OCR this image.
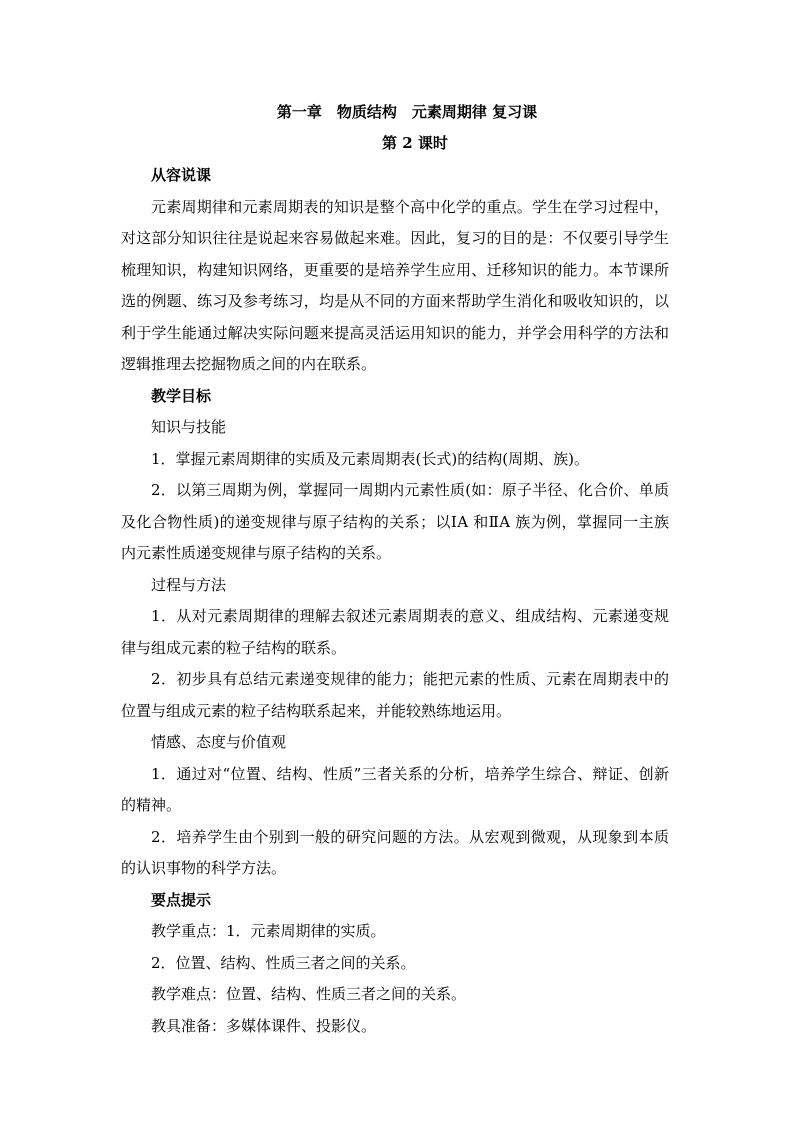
第一章　物质结构　元素周期律 复习课
第 2 课时
从容说课

元素周期律和元素周期表的知识是整个高中化学的重点。学生在学习过程中，对这部分知识往往是说起来容易做起来难。因此，复习的目的是：不仅要引导学生梳理知识，构建知识网络，更重要的是培养学生应用、迁移知识的能力。本节课所选的例题、练习及参考练习，均是从不同的方面来帮助学生消化和吸收知识的，以利于学生能通过解决实际问题来提高灵活运用知识的能力，并学会用科学的方法和逻辑推理去挖掘物质之间的内在联系。

教学目标
知识与技能

1．掌握元素周期律的实质及元素周期表(长式)的结构(周期、族)。

2．以第三周期为例，掌握同一周期内元素性质(如：原子半径、化合价、单质及化合物性质)的递变规律与原子结构的关系；以ⅠA 和ⅡA 族为例，掌握同一主族内元素性质递变规律与原子结构的关系。

过程与方法

1．从对元素周期律的理解去叙述元素周期表的意义、组成结构、元素递变规律与组成元素的粒子结构的联系。

2．初步具有总结元素递变规律的能力；能把元素的性质、元素在周期表中的位置与组成元素的粒子结构联系起来，并能较熟练地运用。

情感、态度与价值观

1．通过对“位置、结构、性质”三者关系的分析，培养学生综合、辩证、创新的精神。

2．培养学生由个别到一般的研究问题的方法。从宏观到微观，从现象到本质的认识事物的科学方法。

要点提示

教学重点：1．元素周期律的实质。

2．位置、结构、性质三者之间的关系。

教学难点：位置、结构、性质三者之间的关系。

教具准备：多媒体课件、投影仪。
